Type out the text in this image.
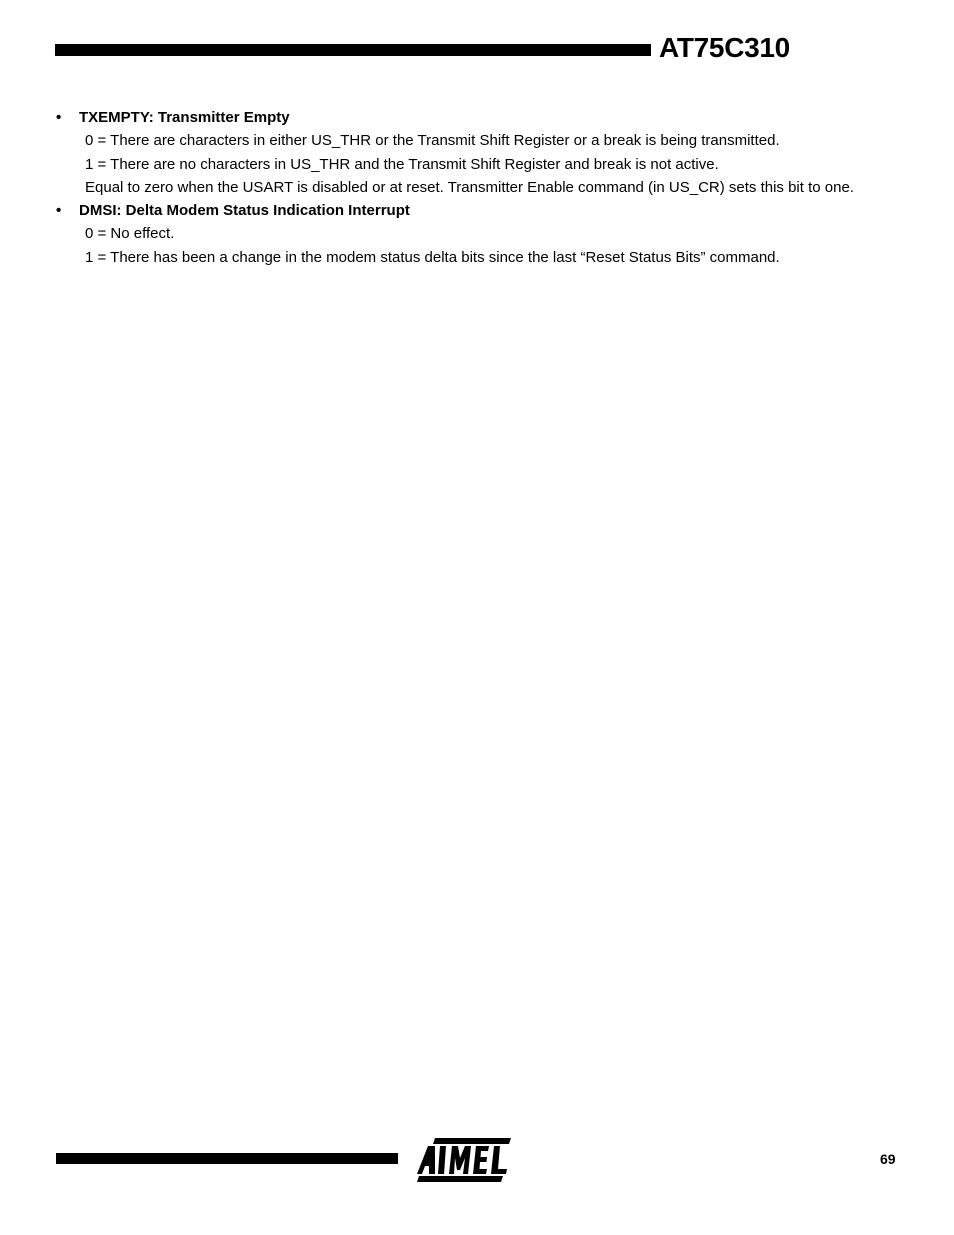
AT75C310
• TXEMPTY: Transmitter Empty
0 = There are characters in either US_THR or the Transmit Shift Register or a break is being transmitted.
1 = There are no characters in US_THR and the Transmit Shift Register and break is not active.
Equal to zero when the USART is disabled or at reset. Transmitter Enable command (in US_CR) sets this bit to one.
• DMSI: Delta Modem Status Indication Interrupt
0 = No effect.
1 = There has been a change in the modem status delta bits since the last “Reset Status Bits” command.
69
